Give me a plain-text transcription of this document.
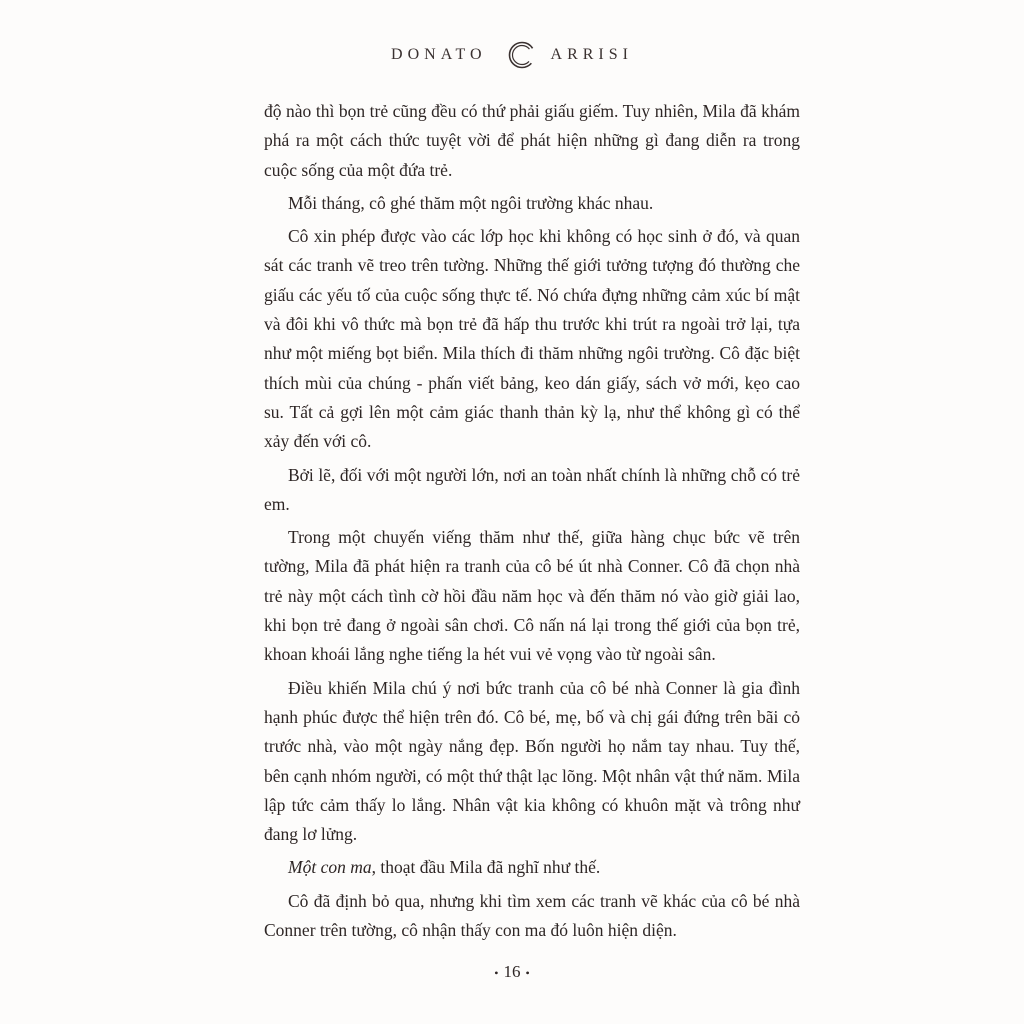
DONATO	ARRISI

độ nào thì bọn trẻ cũng đều có thứ phải giấu giếm. Tuy nhiên, Mila đã khám phá ra một cách thức tuyệt vời để phát hiện những gì đang diễn ra trong cuộc sống của một đứa trẻ.

Mỗi tháng, cô ghé thăm một ngôi trường khác nhau.

Cô xin phép được vào các lớp học khi không có học sinh ở đó, và quan sát các tranh vẽ treo trên tường. Những thế giới tưởng tượng đó thường che giấu các yếu tố của cuộc sống thực tế. Nó chứa đựng những cảm xúc bí mật và đôi khi vô thức mà bọn trẻ đã hấp thu trước khi trút ra ngoài trở lại, tựa như một miếng bọt biển. Mila thích đi thăm những ngôi trường. Cô đặc biệt thích mùi của chúng - phấn viết bảng, keo dán giấy, sách vở mới, kẹo cao su. Tất cả gợi lên một cảm giác thanh thản kỳ lạ, như thể không gì có thể xảy đến với cô.

Bởi lẽ, đối với một người lớn, nơi an toàn nhất chính là những chỗ có trẻ em.

Trong một chuyến viếng thăm như thế, giữa hàng chục bức vẽ trên tường, Mila đã phát hiện ra tranh của cô bé út nhà Conner. Cô đã chọn nhà trẻ này một cách tình cờ hồi đầu năm học và đến thăm nó vào giờ giải lao, khi bọn trẻ đang ở ngoài sân chơi. Cô nấn ná lại trong thế giới của bọn trẻ, khoan khoái lắng nghe tiếng la hét vui vẻ vọng vào từ ngoài sân.

Điều khiến Mila chú ý nơi bức tranh của cô bé nhà Conner là gia đình hạnh phúc được thể hiện trên đó. Cô bé, mẹ, bố và chị gái đứng trên bãi cỏ trước nhà, vào một ngày nắng đẹp. Bốn người họ nắm tay nhau. Tuy thế, bên cạnh nhóm người, có một thứ thật lạc lõng. Một nhân vật thứ năm. Mila lập tức cảm thấy lo lắng. Nhân vật kia không có khuôn mặt và trông như đang lơ lửng.

Một con ma, thoạt đầu Mila đã nghĩ như thế.

Cô đã định bỏ qua, nhưng khi tìm xem các tranh vẽ khác của cô bé nhà Conner trên tường, cô nhận thấy con ma đó luôn hiện diện.

• 16 •
